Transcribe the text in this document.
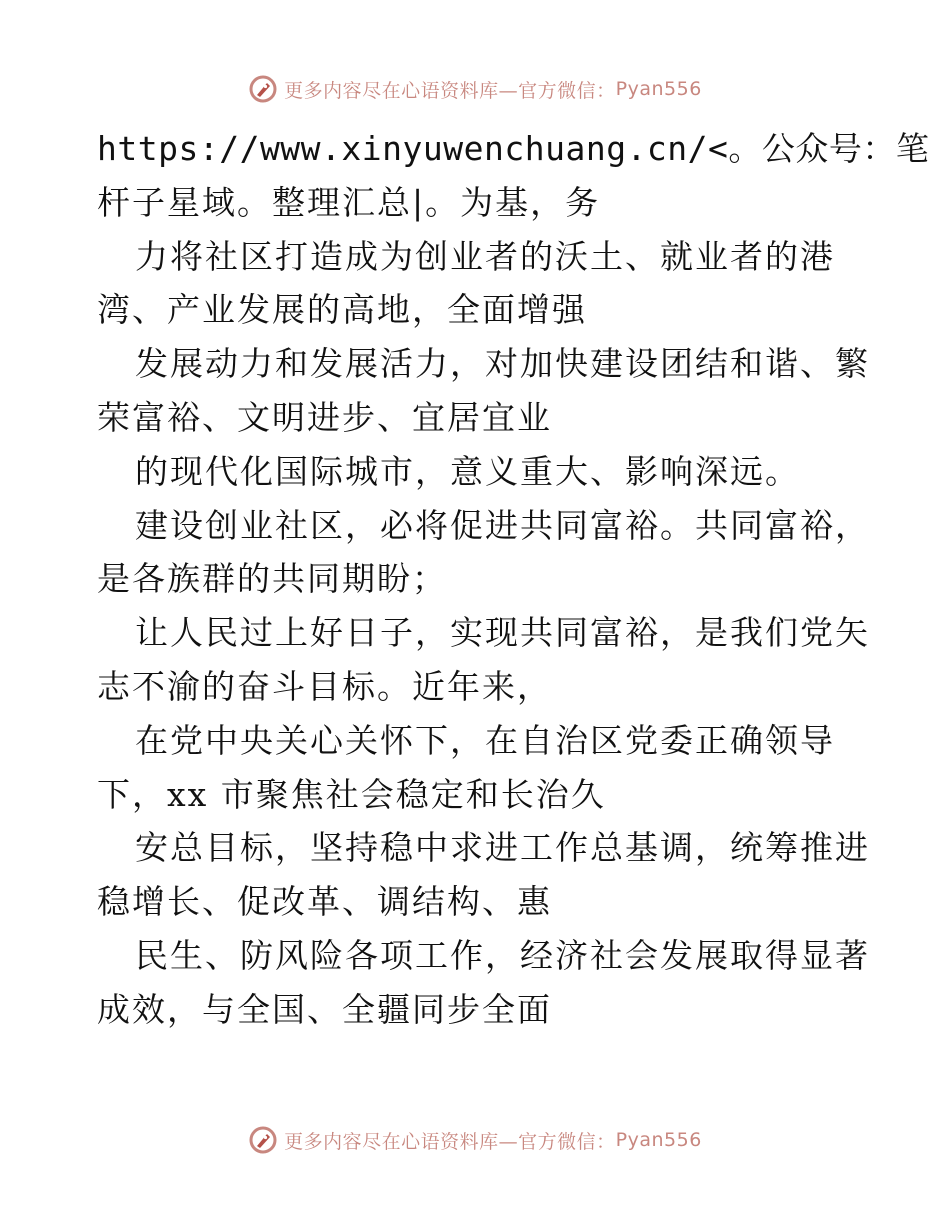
更多内容尽在心语资料库—官方微信： Pyan556
https://www.xinyuwenchuang.cn/<。公众号：笔
杆子星域。整理汇总|。为基，务
力将社区打造成为创业者的沃土、就业者的港
湾、产业发展的高地，全面增强
发展动力和发展活力，对加快建设团结和谐、繁
荣富裕、文明进步、宜居宜业
的现代化国际城市，意义重大、影响深远。
建设创业社区，必将促进共同富裕。共同富裕，
是各族群的共同期盼；
让人民过上好日子，实现共同富裕，是我们党矢
志不渝的奋斗目标。近年来，
在党中央关心关怀下，在自治区党委正确领导
下，xx 市聚焦社会稳定和长治久
安总目标，坚持稳中求进工作总基调，统筹推进
稳增长、促改革、调结构、惠
民生、防风险各项工作，经济社会发展取得显著
成效，与全国、全疆同步全面
更多内容尽在心语资料库—官方微信： Pyan556
